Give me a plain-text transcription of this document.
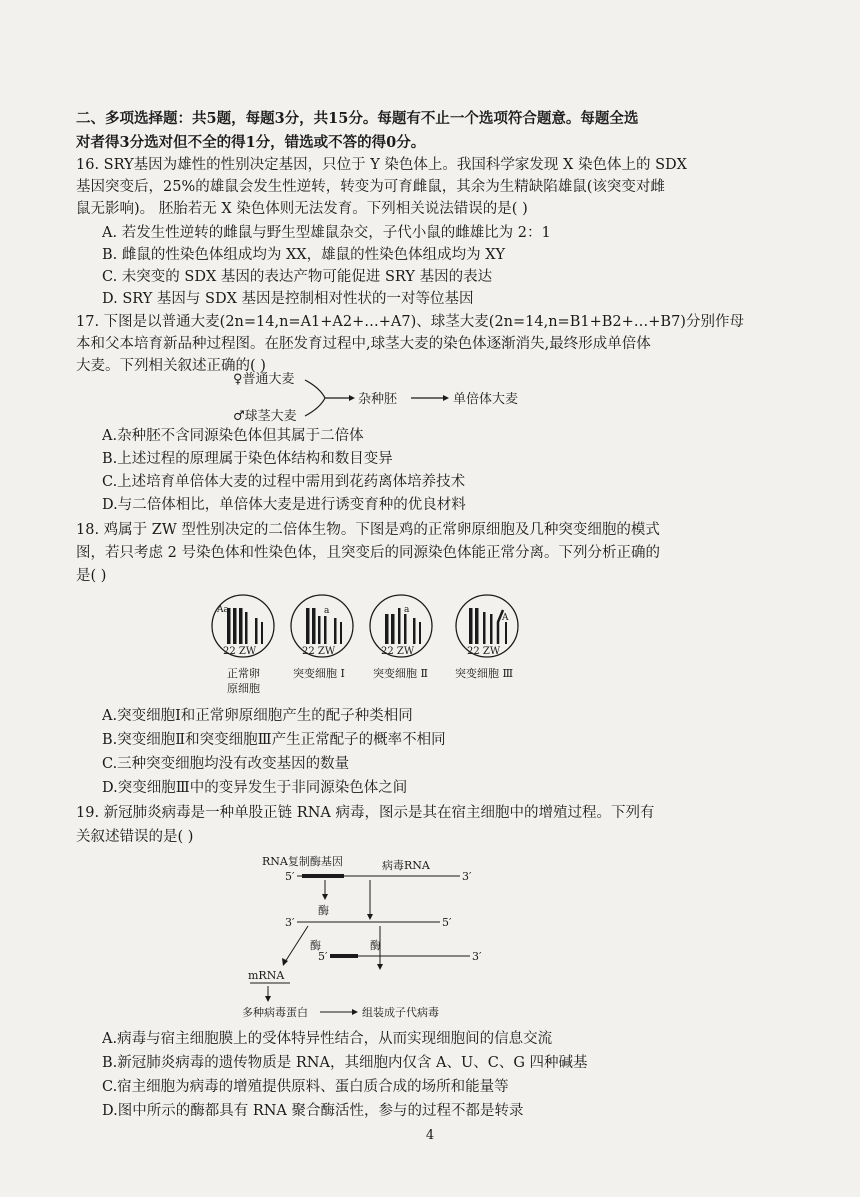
二、多项选择题：共5题，每题3分，共15分。每题有不止一个选项符合题意。每题全选
对者得3分选对但不全的得1分，错选或不答的得0分。
16. SRY基因为雄性的性别决定基因，只位于 Y 染色体上。我国科学家发现 X 染色体上的 SDX
基因突变后，25%的雄鼠会发生性逆转，转变为可育雌鼠，其余为生精缺陷雄鼠(该突变对雌
鼠无影响)。 胚胎若无 X 染色体则无法发育。下列相关说法错误的是( )
A. 若发生性逆转的雌鼠与野生型雄鼠杂交，子代小鼠的雌雄比为 2：1
B. 雌鼠的性染色体组成均为 XX，雄鼠的性染色体组成均为 XY
C. 未突变的 SDX 基因的表达产物可能促进 SRY 基因的表达
D. SRY 基因与 SDX 基因是控制相对性状的一对等位基因
17. 下图是以普通大麦(2n=14,n=A1+A2+…+A7)、球茎大麦(2n=14,n=B1+B2+…+B7)分别作母
本和父本培育新品种过程图。在胚发育过程中,球茎大麦的染色体逐渐消失,最终形成单倍体
大麦。下列相关叙述正确的( )
♀普通大麦
♂球茎大麦
杂种胚	单倍体大麦
A.杂种胚不含同源染色体但其属于二倍体
B.上述过程的原理属于染色体结构和数目变异
C.上述培育单倍体大麦的过程中需用到花药离体培养技术
D.与二倍体相比，单倍体大麦是进行诱变育种的优良材料
18. 鸡属于 ZW 型性别决定的二倍体生物。下图是鸡的正常卵原细胞及几种突变细胞的模式
图，若只考虑 2 号染色体和性染色体，且突变后的同源染色体能正常分离。下列分析正确的
是( )
Aa
22 ZW
正常卵
原细胞
a
22 ZW
突变细胞 Ⅰ
a
22 ZW
突变细胞 Ⅱ
A
22 ZW
突变细胞 Ⅲ
A.突变细胞Ⅰ和正常卵原细胞产生的配子种类相同
B.突变细胞Ⅱ和突变细胞Ⅲ产生正常配子的概率不相同
C.三种突变细胞均没有改变基因的数量
D.突变细胞Ⅲ中的变异发生于非同源染色体之间
19. 新冠肺炎病毒是一种单股正链 RNA 病毒，图示是其在宿主细胞中的增殖过程。下列有
关叙述错误的是( )
RNA复制酶基因	病毒RNA
5′	3′
酶
3′	5′
酶	酶
5′	3′
mRNA
多种病毒蛋白	组装成子代病毒
A.病毒与宿主细胞膜上的受体特异性结合，从而实现细胞间的信息交流
B.新冠肺炎病毒的遗传物质是 RNA，其细胞内仅含 A、U、C、G 四种碱基
C.宿主细胞为病毒的增殖提供原料、蛋白质合成的场所和能量等
D.图中所示的酶都具有 RNA 聚合酶活性，参与的过程不都是转录
4
